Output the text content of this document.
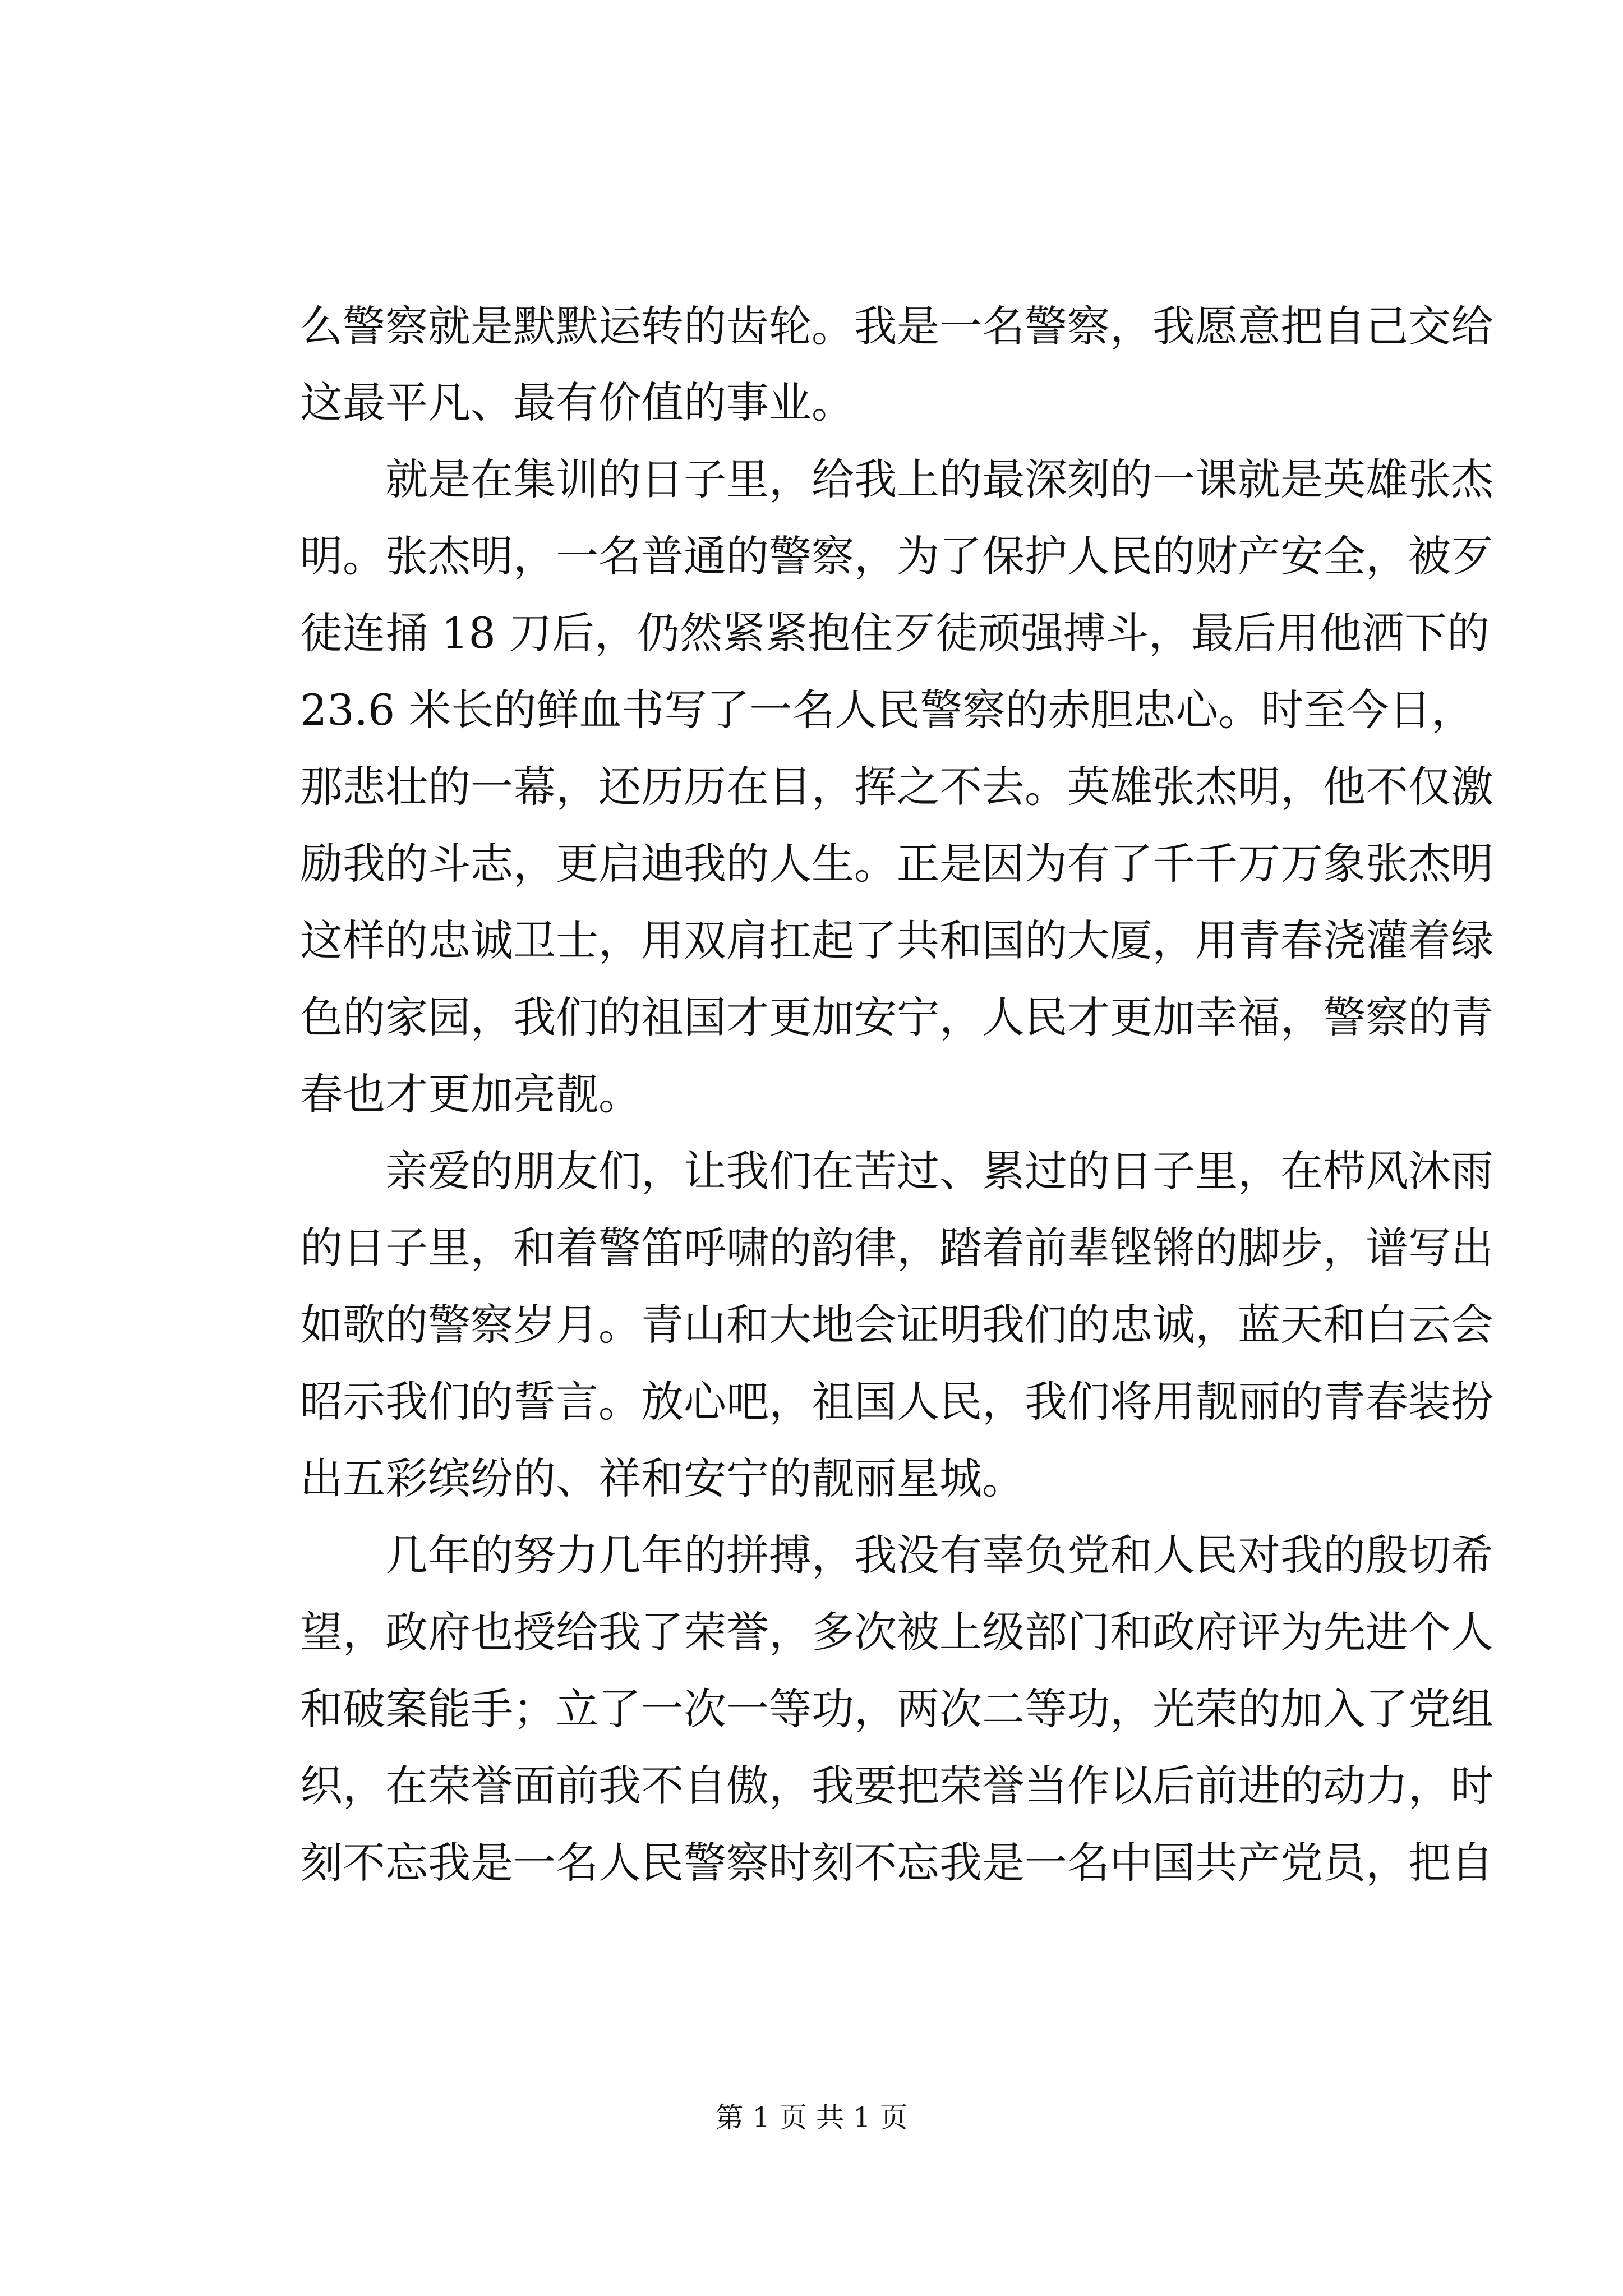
么警察就是默默运转的齿轮。我是一名警察，我愿意把自己交给
这最平凡、最有价值的事业。
　　就是在集训的日子里，给我上的最深刻的一课就是英雄张杰
明。张杰明，一名普通的警察，为了保护人民的财产安全，被歹
徒连捅 18 刀后，仍然紧紧抱住歹徒顽强搏斗，最后用他洒下的
23.6 米长的鲜血书写了一名人民警察的赤胆忠心。时至今日，
那悲壮的一幕，还历历在目，挥之不去。英雄张杰明，他不仅激
励我的斗志，更启迪我的人生。正是因为有了千千万万象张杰明
这样的忠诚卫士，用双肩扛起了共和国的大厦，用青春浇灌着绿
色的家园，我们的祖国才更加安宁，人民才更加幸福，警察的青
春也才更加亮靓。
　　亲爱的朋友们，让我们在苦过、累过的日子里，在栉风沐雨
的日子里，和着警笛呼啸的韵律，踏着前辈铿锵的脚步，谱写出
如歌的警察岁月。青山和大地会证明我们的忠诚，蓝天和白云会
昭示我们的誓言。放心吧，祖国人民，我们将用靓丽的青春装扮
出五彩缤纷的、祥和安宁的靓丽星城。
　　几年的努力几年的拼搏，我没有辜负党和人民对我的殷切希
望，政府也授给我了荣誉，多次被上级部门和政府评为先进个人
和破案能手；立了一次一等功，两次二等功，光荣的加入了党组
织，在荣誉面前我不自傲，我要把荣誉当作以后前进的动力，时
刻不忘我是一名人民警察时刻不忘我是一名中国共产党员，把自
第 1 页 共 1 页
